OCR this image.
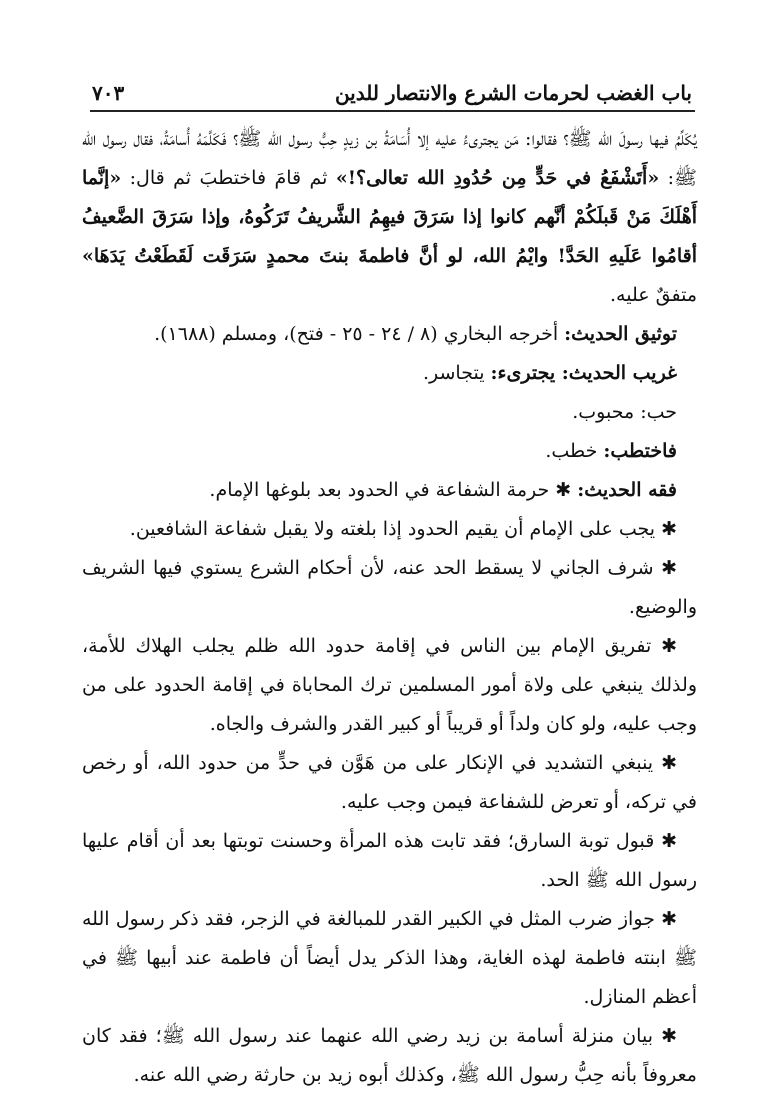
باب الغضب لحرمات الشرع والانتصار للدين
٧٠٣

يُكَلِّمُ فيها رسولَ الله ﷺ؟ فقالوا: مَن يجترىءُ عليه إلا أُسَامَةُ بن زيدٍ حِبُّ رسول الله ﷺ؟ فَكَلَّمَهُ أُسامَةُ، فقال رسول الله ﷺ: «أَتَشْفَعُ في حَدٍّ مِن حُدُودِ الله تعالى؟!» ثم قامَ فاختطبَ ثم قال: «إنَّما أَهْلَكَ مَنْ قَبلَكُمْ أنَّهم كانوا إذا سَرَقَ فيهِمُ الشَّريفُ تَرَكُوهُ، وإذا سَرَقَ الضَّعيفُ أقامُوا عَلَيهِ الحَدَّ! وايْمُ الله، لو أنَّ فاطمةَ بنتَ محمدٍ سَرَقَت لَقَطَعْتُ يَدَهَا» متفقٌ عليه.

توثيق الحديث: أخرجه البخاري (٨ / ٢٤ - ٢٥ - فتح)، ومسلم (١٦٨٨).

غريب الحديث: يجترىء: يتجاسر.

حب: محبوب.

فاختطب: خطب.

فقه الحديث: ✱ حرمة الشفاعة في الحدود بعد بلوغها الإمام.

✱ يجب على الإمام أن يقيم الحدود إذا بلغته ولا يقبل شفاعة الشافعين.

✱ شرف الجاني لا يسقط الحد عنه، لأن أحكام الشرع يستوي فيها الشريف والوضيع.

✱ تفريق الإمام بين الناس في إقامة حدود الله ظلم يجلب الهلاك للأمة، ولذلك ينبغي على ولاة أمور المسلمين ترك المحاباة في إقامة الحدود على من وجب عليه، ولو كان ولداً أو قريباً أو كبير القدر والشرف والجاه.

✱ ينبغي التشديد في الإنكار على من هَوَّن في حدٍّ من حدود الله، أو رخص في تركه، أو تعرض للشفاعة فيمن وجب عليه.

✱ قبول توبة السارق؛ فقد تابت هذه المرأة وحسنت توبتها بعد أن أقام عليها رسول الله ﷺ الحد.

✱ جواز ضرب المثل في الكبير القدر للمبالغة في الزجر، فقد ذكر رسول الله ﷺ ابنته فاطمة لهذه الغاية، وهذا الذكر يدل أيضاً أن فاطمة عند أبيها ﷺ في أعظم المنازل.

✱ بيان منزلة أسامة بن زيد رضي الله عنهما عند رسول الله ﷺ؛ فقد كان معروفاً بأنه حِبُّ رسول الله ﷺ، وكذلك أبوه زيد بن حارثة رضي الله عنه.
